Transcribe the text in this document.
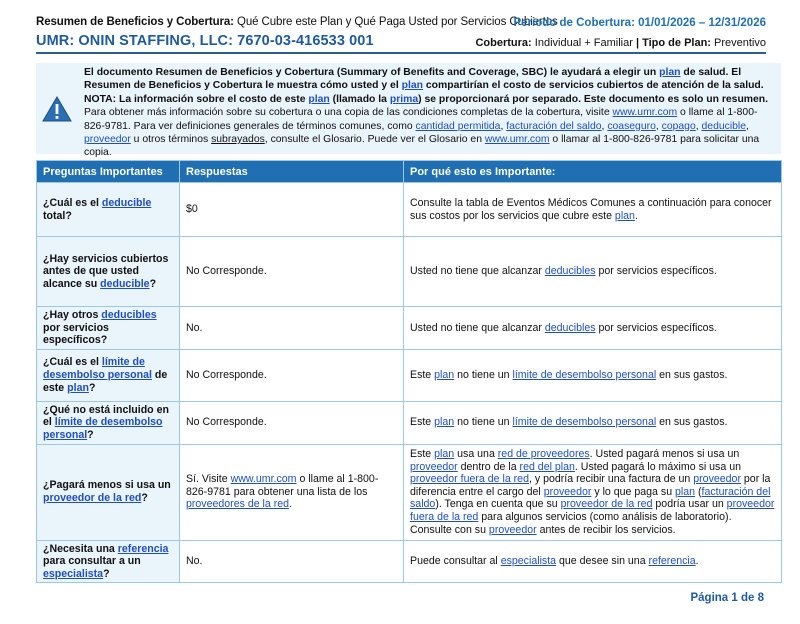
Resumen de Beneficios y Cobertura: Qué Cubre este Plan y Qué Paga Usted por Servicios Cubiertos
UMR: ONIN STAFFING, LLC: 7670-03-416533 001
Periodo de Cobertura: 01/01/2026 – 12/31/2026
Cobertura: Individual + Familiar | Tipo de Plan: Preventivo
El documento Resumen de Beneficios y Cobertura (Summary of Benefits and Coverage, SBC) le ayudará a elegir un plan de salud. El Resumen de Beneficios y Cobertura le muestra cómo usted y el plan compartirían el costo de servicios cubiertos de atención de la salud. NOTA: La información sobre el costo de este plan (llamado la prima) se proporcionará por separado. Este documento es solo un resumen. Para obtener más información sobre su cobertura o una copia de las condiciones completas de la cobertura, visite www.umr.com o llame al 1-800-826-9781. Para ver definiciones generales de términos comunes, como cantidad permitida, facturación del saldo, coaseguro, copago, deducible, proveedor u otros términos subrayados, consulte el Glosario. Puede ver el Glosario en www.umr.com o llamar al 1-800-826-9781 para solicitar una copia.
Preguntas Importantes	Respuestas	Por qué esto es Importante:
¿Cuál es el deducible total?	$0	Consulte la tabla de Eventos Médicos Comunes a continuación para conocer sus costos por los servicios que cubre este plan.
¿Hay servicios cubiertos antes de que usted alcance su deducible?	No Corresponde.	Usted no tiene que alcanzar deducibles por servicios específicos.
¿Hay otros deducibles por servicios específicos?	No.	Usted no tiene que alcanzar deducibles por servicios específicos.
¿Cuál es el límite de desembolso personal de este plan?	No Corresponde.	Este plan no tiene un límite de desembolso personal en sus gastos.
¿Qué no está incluido en el límite de desembolso personal?	No Corresponde.	Este plan no tiene un límite de desembolso personal en sus gastos.
¿Pagará menos si usa un proveedor de la red?	Sí. Visite www.umr.com o llame al 1-800-826-9781 para obtener una lista de los proveedores de la red.	Este plan usa una red de proveedores. Usted pagará menos si usa un proveedor dentro de la red del plan. Usted pagará lo máximo si usa un proveedor fuera de la red, y podría recibir una factura de un proveedor por la diferencia entre el cargo del proveedor y lo que paga su plan (facturación del saldo). Tenga en cuenta que su proveedor de la red podría usar un proveedor fuera de la red para algunos servicios (como análisis de laboratorio). Consulte con su proveedor antes de recibir los servicios.
¿Necesita una referencia para consultar a un especialista?	No.	Puede consultar al especialista que desee sin una referencia.
Página 1 de 8
